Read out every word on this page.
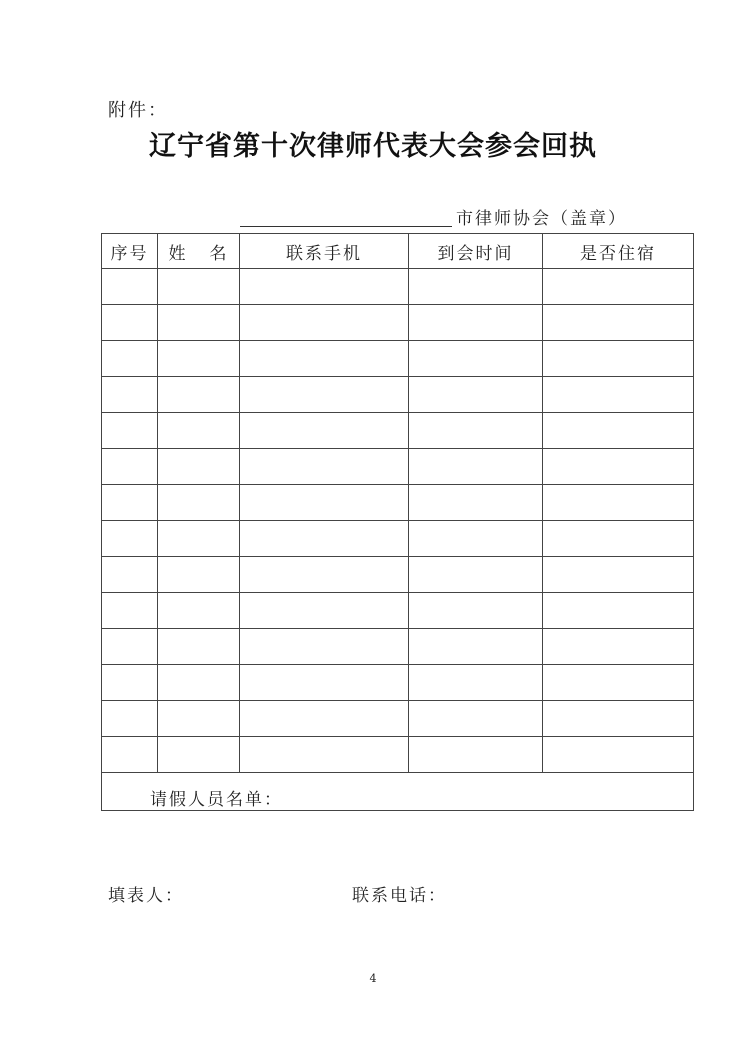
附件：
辽宁省第十次律师代表大会参会回执
市律师协会（盖章）
序号	姓 名	联系手机	到会时间	是否住宿

请假人员名单：				
填表人：	联系电话：
4
